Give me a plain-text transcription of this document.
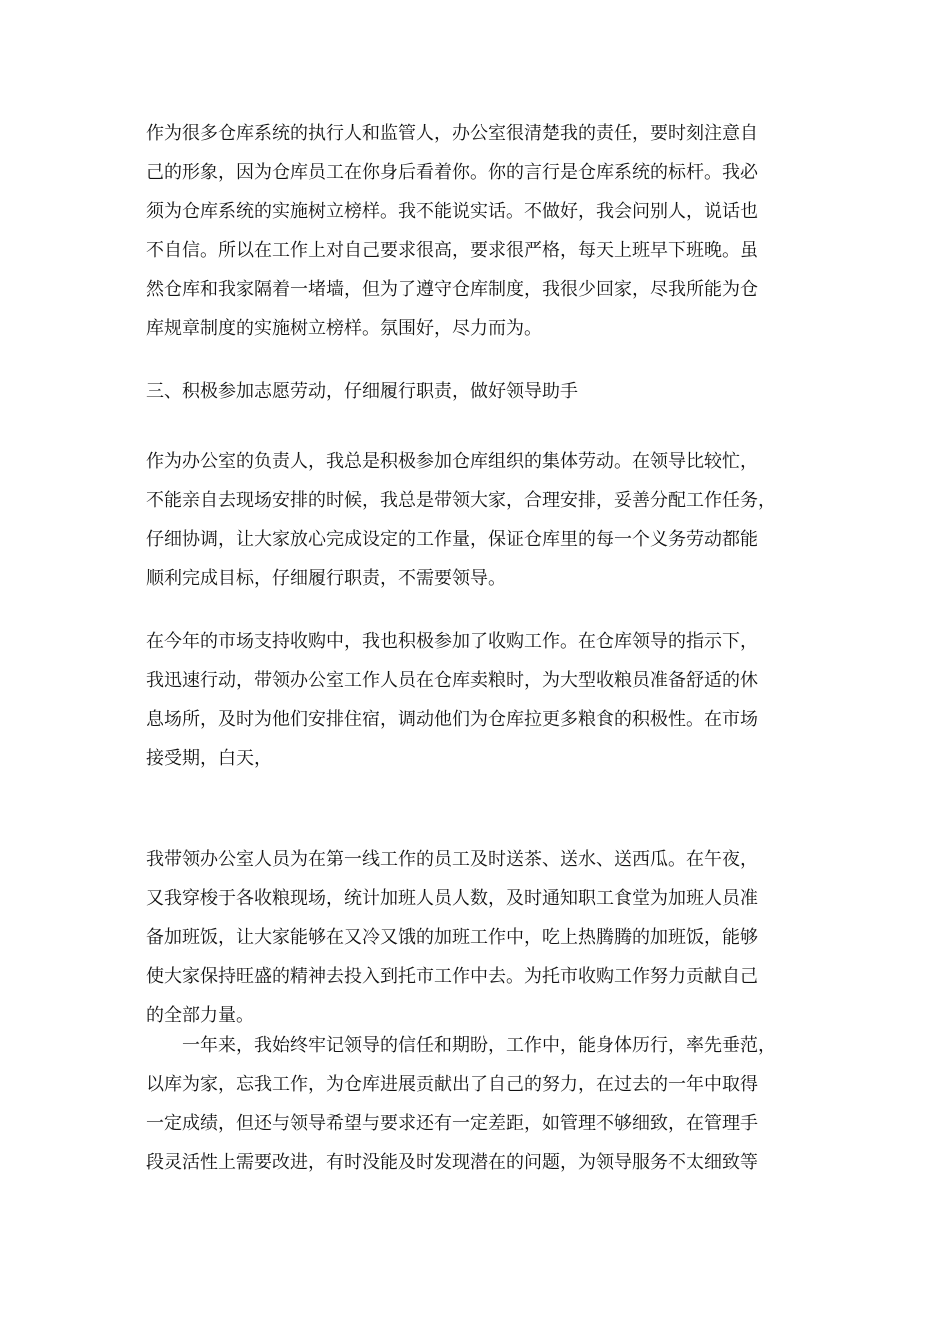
作为很多仓库系统的执行人和监管人，办公室很清楚我的责任，要时刻注意自

己的形象，因为仓库员工在你身后看着你。你的言行是仓库系统的标杆。我必

须为仓库系统的实施树立榜样。我不能说实话。不做好，我会问别人，说话也

不自信。所以在工作上对自己要求很高，要求很严格，每天上班早下班晚。虽

然仓库和我家隔着一堵墙，但为了遵守仓库制度，我很少回家，尽我所能为仓

库规章制度的实施树立榜样。氛围好，尽力而为。

三、积极参加志愿劳动，仔细履行职责，做好领导助手

作为办公室的负责人，我总是积极参加仓库组织的集体劳动。在领导比较忙，

不能亲自去现场安排的时候，我总是带领大家，合理安排，妥善分配工作任务，

仔细协调，让大家放心完成设定的工作量，保证仓库里的每一个义务劳动都能

顺利完成目标，仔细履行职责，不需要领导。

在今年的市场支持收购中，我也积极参加了收购工作。在仓库领导的指示下，

我迅速行动，带领办公室工作人员在仓库卖粮时，为大型收粮员准备舒适的休

息场所，及时为他们安排住宿，调动他们为仓库拉更多粮食的积极性。在市场

接受期，白天，

我带领办公室人员为在第一线工作的员工及时送茶、送水、送西瓜。在午夜，

又我穿梭于各收粮现场，统计加班人员人数，及时通知职工食堂为加班人员准

备加班饭，让大家能够在又冷又饿的加班工作中，吃上热腾腾的加班饭，能够

使大家保持旺盛的精神去投入到托市工作中去。为托市收购工作努力贡献自己

的全部力量。

一年来，我始终牢记领导的信任和期盼，工作中，能身体历行，率先垂范，

以库为家，忘我工作，为仓库进展贡献出了自己的努力，在过去的一年中取得

一定成绩，但还与领导希望与要求还有一定差距，如管理不够细致，在管理手

段灵活性上需要改进，有时没能及时发现潜在的问题，为领导服务不太细致等
